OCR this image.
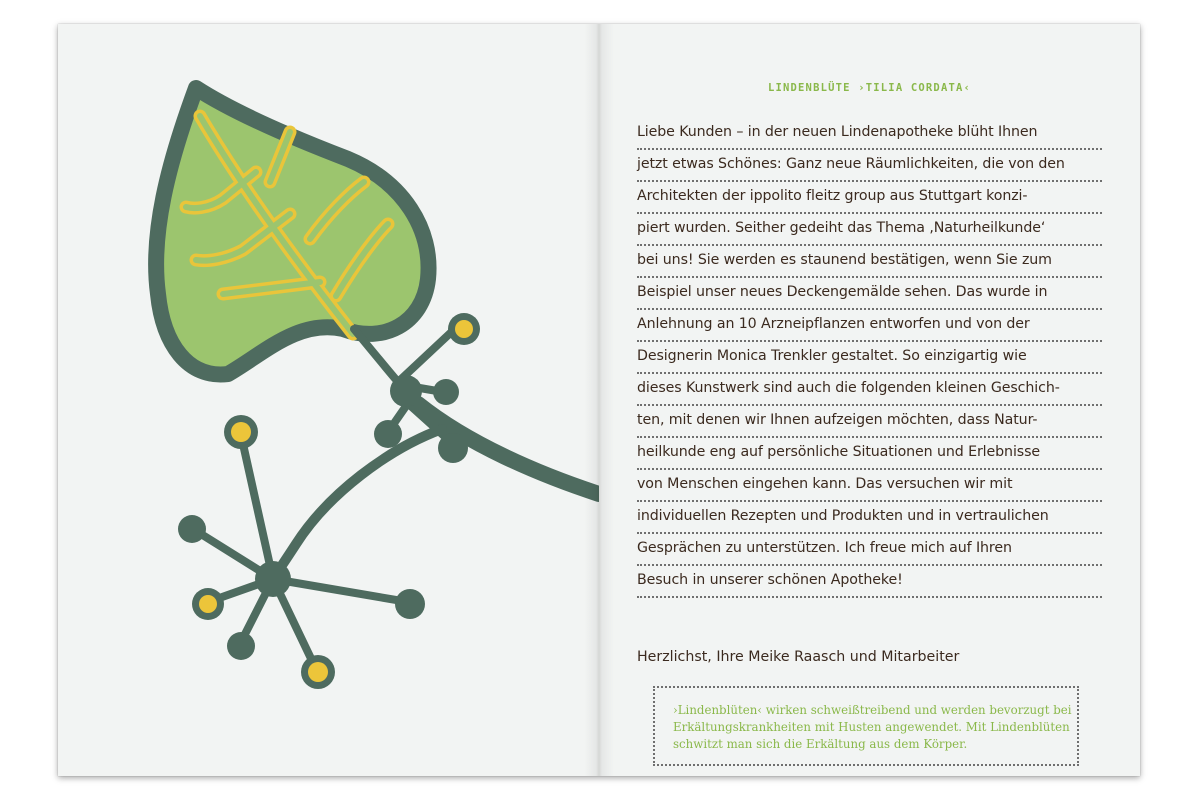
LINDENBLÜTE ›TILIA CORDATA‹
Liebe Kunden – in der neuen Lindenapotheke blüht Ihnen
jetzt etwas Schönes: Ganz neue Räumlichkeiten, die von den
Architekten der ippolito fleitz group aus Stuttgart konzi-
piert wurden. Seither gedeiht das Thema ‚Naturheilkunde‘
bei uns! Sie werden es staunend bestätigen, wenn Sie zum
Beispiel unser neues Deckengemälde sehen. Das wurde in
Anlehnung an 10 Arzneipflanzen entworfen und von der
Designerin Monica Trenkler gestaltet. So einzigartig wie
dieses Kunstwerk sind auch die folgenden kleinen Geschich-
ten, mit denen wir Ihnen aufzeigen möchten, dass Natur-
heilkunde eng auf persönliche Situationen und Erlebnisse
von Menschen eingehen kann. Das versuchen wir mit
individuellen Rezepten und Produkten und in vertraulichen
Gesprächen zu unterstützen. Ich freue mich auf Ihren
Besuch in unserer schönen Apotheke!
Herzlichst, Ihre Meike Raasch und Mitarbeiter
›Lindenblüten‹ wirken schweißtreibend und werden bevorzugt bei
Erkältungskrankheiten mit Husten angewendet. Mit Lindenblüten
schwitzt man sich die Erkältung aus dem Körper.
